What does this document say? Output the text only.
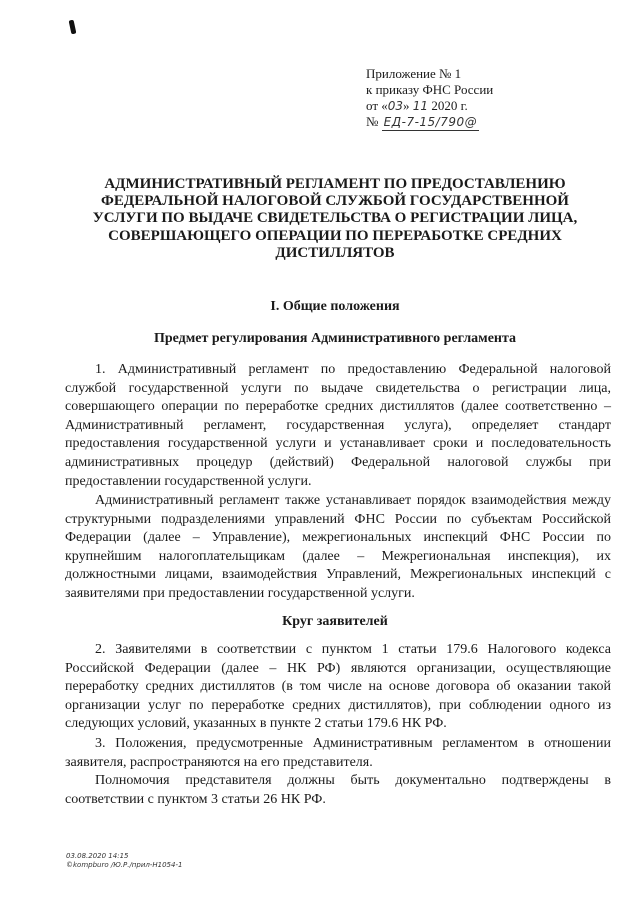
Приложение № 1
к приказу ФНС России
от «03» 11 2020 г.
№ ЕД-7-15/790@
АДМИНИСТРАТИВНЫЙ РЕГЛАМЕНТ ПО ПРЕДОСТАВЛЕНИЮ ФЕДЕРАЛЬНОЙ НАЛОГОВОЙ СЛУЖБОЙ ГОСУДАРСТВЕННОЙ УСЛУГИ ПО ВЫДАЧЕ СВИДЕТЕЛЬСТВА О РЕГИСТРАЦИИ ЛИЦА, СОВЕРШАЮЩЕГО ОПЕРАЦИИ ПО ПЕРЕРАБОТКЕ СРЕДНИХ ДИСТИЛЛЯТОВ
I. Общие положения
Предмет регулирования Административного регламента

1. Административный регламент по предоставлению Федеральной налоговой службой государственной услуги по выдаче свидетельства о регистрации лица, совершающего операции по переработке средних дистиллятов (далее соответственно – Административный регламент, государственная услуга), определяет стандарт предоставления государственной услуги и устанавливает сроки и последовательность административных процедур (действий) Федеральной налоговой службы при предоставлении государственной услуги.

Административный регламент также устанавливает порядок взаимодействия между структурными подразделениями управлений ФНС России по субъектам Российской Федерации (далее – Управление), межрегиональных инспекций ФНС России по крупнейшим налогоплательщикам (далее – Межрегиональная инспекция), их должностными лицами, взаимодействия Управлений, Межрегиональных инспекций с заявителями при предоставлении государственной услуги.

Круг заявителей

2. Заявителями в соответствии с пунктом 1 статьи 179.6 Налогового кодекса Российской Федерации (далее – НК РФ) являются организации, осуществляющие переработку средних дистиллятов (в том числе на основе договора об оказании такой организации услуг по переработке средних дистиллятов), при соблюдении одного из следующих условий, указанных в пункте 2 статьи 179.6 НК РФ.

3. Положения, предусмотренные Административным регламентом в отношении заявителя, распространяются на его представителя.

Полномочия представителя должны быть документально подтверждены в соответствии с пунктом 3 статьи 26 НК РФ.

03.08.2020 14:15
©kompburo /Ю.Р./прил-Н1054-1
